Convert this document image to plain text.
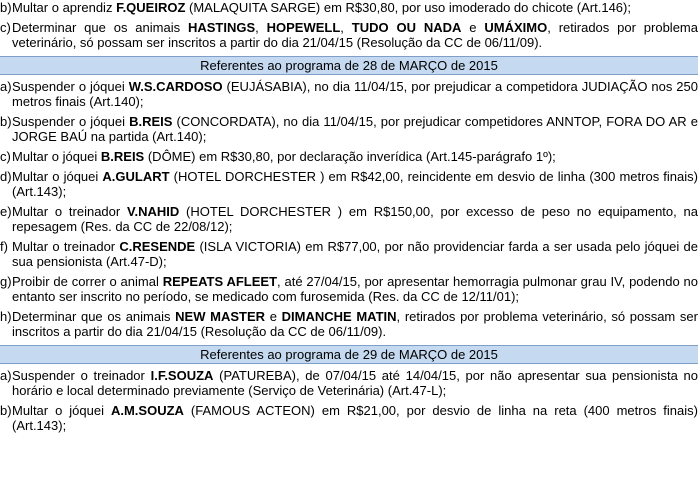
b) Multar o aprendiz F.QUEIROZ (MALAQUITA SARGE) em R$30,80, por uso imoderado do chicote (Art.146);
c) Determinar que os animais HASTINGS, HOPEWELL, TUDO OU NADA e UMÁXIMO, retirados por problema veterinário, só possam ser inscritos a partir do dia 21/04/15 (Resolução da CC de 06/11/09).
Referentes ao programa de 28 de MARÇO de 2015
a) Suspender o jóquei W.S.CARDOSO (EUJÁSABIA), no dia 11/04/15, por prejudicar a competidora JUDIAÇÃO nos 250 metros finais (Art.140);
b) Suspender o jóquei B.REIS (CONCORDATA), no dia 11/04/15, por prejudicar competidores ANNTOP, FORA DO AR e JORGE BAÚ na partida (Art.140);
c) Multar o jóquei B.REIS (DÔME) em R$30,80, por declaração inverídica (Art.145-parágrafo 1º);
d) Multar o jóquei A.GULART (HOTEL DORCHESTER ) em R$42,00, reincidente em desvio de linha (300 metros finais) (Art.143);
e) Multar o treinador V.NAHID (HOTEL DORCHESTER ) em R$150,00, por excesso de peso no equipamento, na repesagem (Res. da CC de 22/08/12);
f) Multar o treinador C.RESENDE (ISLA VICTORIA) em R$77,00, por não providenciar farda a ser usada pelo jóquei de sua pensionista (Art.47-D);
g) Proibir de correr o animal REPEATS AFLEET, até 27/04/15, por apresentar hemorragia pulmonar grau IV, podendo no entanto ser inscrito no período, se medicado com furosemida (Res. da CC de 12/11/01);
h) Determinar que os animais NEW MASTER e DIMANCHE MATIN, retirados por problema veterinário, só possam ser inscritos a partir do dia 21/04/15 (Resolução da CC de 06/11/09).
Referentes ao programa de 29 de MARÇO de 2015
a) Suspender o treinador I.F.SOUZA (PATUREBA), de 07/04/15 até 14/04/15, por não apresentar sua pensionista no horário e local determinado previamente (Serviço de Veterinária) (Art.47-L);
b) Multar o jóquei A.M.SOUZA (FAMOUS ACTEON) em R$21,00, por desvio de linha na reta (400 metros finais) (Art.143);
